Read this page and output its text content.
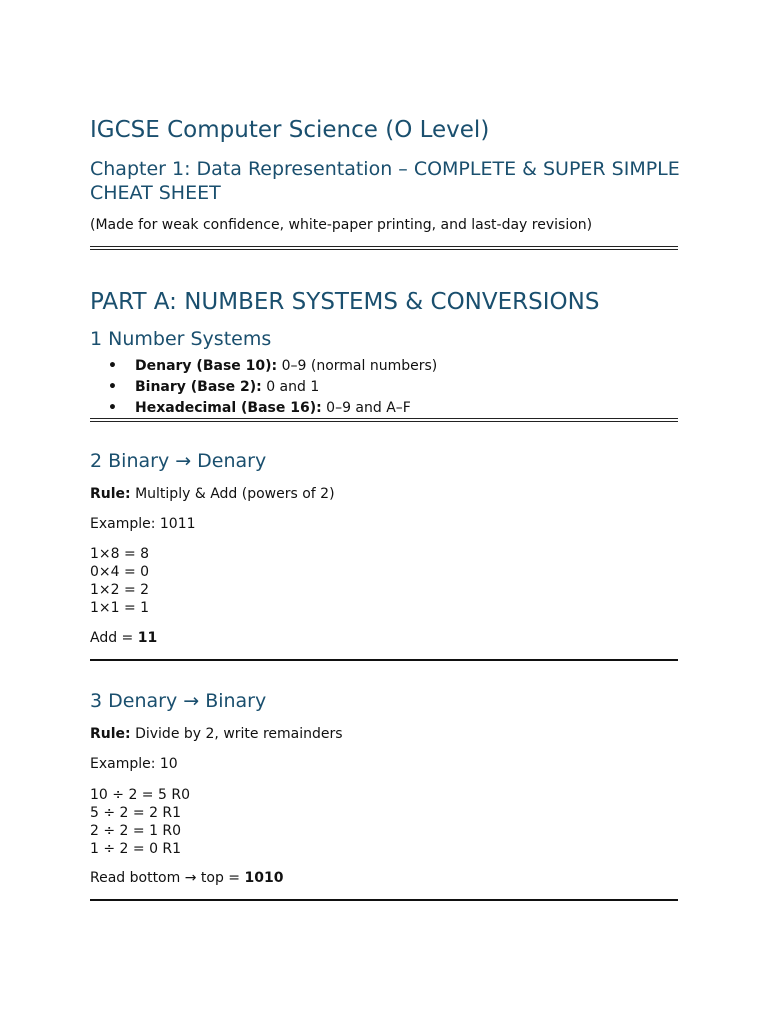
IGCSE Computer Science (O Level)
Chapter 1: Data Representation – COMPLETE & SUPER SIMPLE CHEAT SHEET
(Made for weak confidence, white-paper printing, and last-day revision)
PART A: NUMBER SYSTEMS & CONVERSIONS
1 Number Systems
• Denary (Base 10): 0–9 (normal numbers)
• Binary (Base 2): 0 and 1
• Hexadecimal (Base 16): 0–9 and A–F
2 Binary → Denary
Rule: Multiply & Add (powers of 2)
Example: 1011
1×8 = 8
0×4 = 0
1×2 = 2
1×1 = 1
Add = 11
3 Denary → Binary
Rule: Divide by 2, write remainders
Example: 10
10 ÷ 2 = 5 R0
5 ÷ 2 = 2 R1
2 ÷ 2 = 1 R0
1 ÷ 2 = 0 R1
Read bottom → top = 1010
